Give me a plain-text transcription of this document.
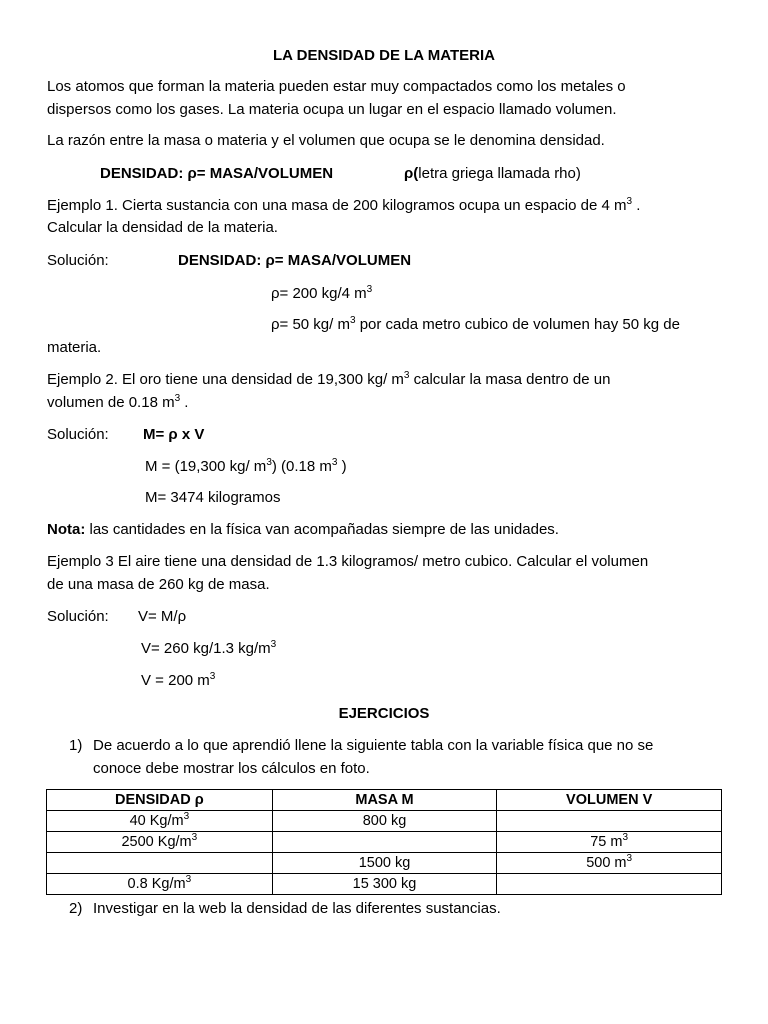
LA DENSIDAD DE LA MATERIA
Los atomos que forman la materia pueden estar muy compactados como los metales o
dispersos como los gases. La materia ocupa un lugar en el espacio llamado volumen.
La razón entre la masa o materia y el volumen que ocupa se le denomina densidad.
DENSIDAD: ρ= MASA/VOLUMEN	ρ(letra griega llamada rho)
Ejemplo 1. Cierta sustancia con una masa de 200 kilogramos ocupa un espacio de 4 $m^3$ .
Calcular la densidad de la materia.
Solución:	DENSIDAD: ρ= MASA/VOLUMEN
ρ= 200 kg/4 $m^3$
ρ= 50 kg/ $m^3$ por cada metro cubico de volumen hay 50 kg de
materia.
Ejemplo 2. El oro tiene una densidad de 19,300 kg/ $m^3$ calcular la masa dentro de un
volumen de 0.18 $m^3$ .
Solución: M= ρ x V
M = (19,300 kg/ $m^3$) (0.18 $m^3$ )
M= 3474 kilogramos
Nota: las cantidades en la física van acompañadas siempre de las unidades.
Ejemplo 3 El aire tiene una densidad de 1.3 kilogramos/ metro cubico. Calcular el volumen
de una masa de 260 kg de masa.
Solución: V= M/ρ
V= 260 kg/1.3 $kg/m^3$
V = 200 $m^3$
EJERCICIOS
1) De acuerdo a lo que aprendió llene la siguiente tabla con la variable física que no se
conoce debe mostrar los cálculos en foto.
DENSIDAD ρ	MASA M	VOLUMEN V
40 $Kg/m^3$	800 kg	
2500 $Kg/m^3$		75 $m^3$
	1500 kg	500 $m^3$
0.8 $Kg/m^3$	15 300 kg	
2) Investigar en la web la densidad de las diferentes sustancias.
